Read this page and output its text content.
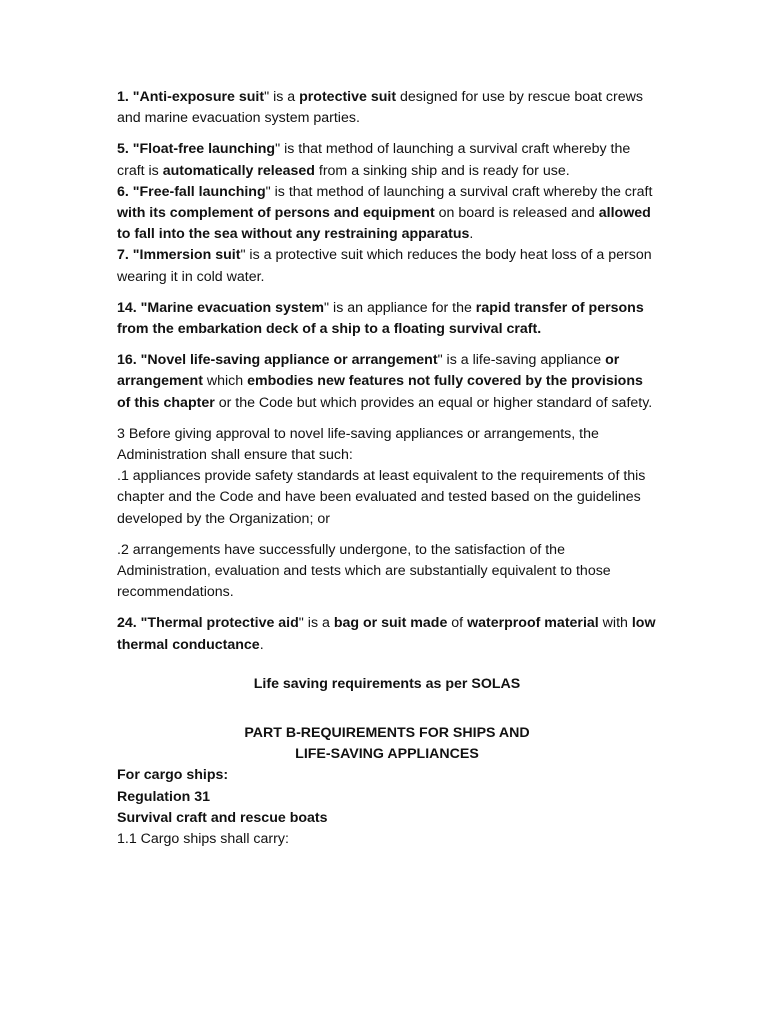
1. "Anti-exposure suit" is a protective suit designed for use by rescue boat crews and marine evacuation system parties.

5. "Float-free launching" is that method of launching a survival craft whereby the craft is automatically released from a sinking ship and is ready for use.

6. "Free-fall launching" is that method of launching a survival craft whereby the craft with its complement of persons and equipment on board is released and allowed to fall into the sea without any restraining apparatus.

7. "Immersion suit" is a protective suit which reduces the body heat loss of a person wearing it in cold water.

14. "Marine evacuation system" is an appliance for the rapid transfer of persons from the embarkation deck of a ship to a floating survival craft.

16. "Novel life-saving appliance or arrangement" is a life-saving appliance or arrangement which embodies new features not fully covered by the provisions of this chapter or the Code but which provides an equal or higher standard of safety.

3 Before giving approval to novel life-saving appliances or arrangements, the Administration shall ensure that such:

.1 appliances provide safety standards at least equivalent to the requirements of this chapter and the Code and have been evaluated and tested based on the guidelines developed by the Organization; or

.2 arrangements have successfully undergone, to the satisfaction of the Administration, evaluation and tests which are substantially equivalent to those recommendations.

24. "Thermal protective aid" is a bag or suit made of waterproof material with low thermal conductance.

Life saving requirements as per SOLAS

PART B-REQUIREMENTS FOR SHIPS AND
LIFE-SAVING APPLIANCES
For cargo ships:
Regulation 31
Survival craft and rescue boats
1.1 Cargo ships shall carry:
